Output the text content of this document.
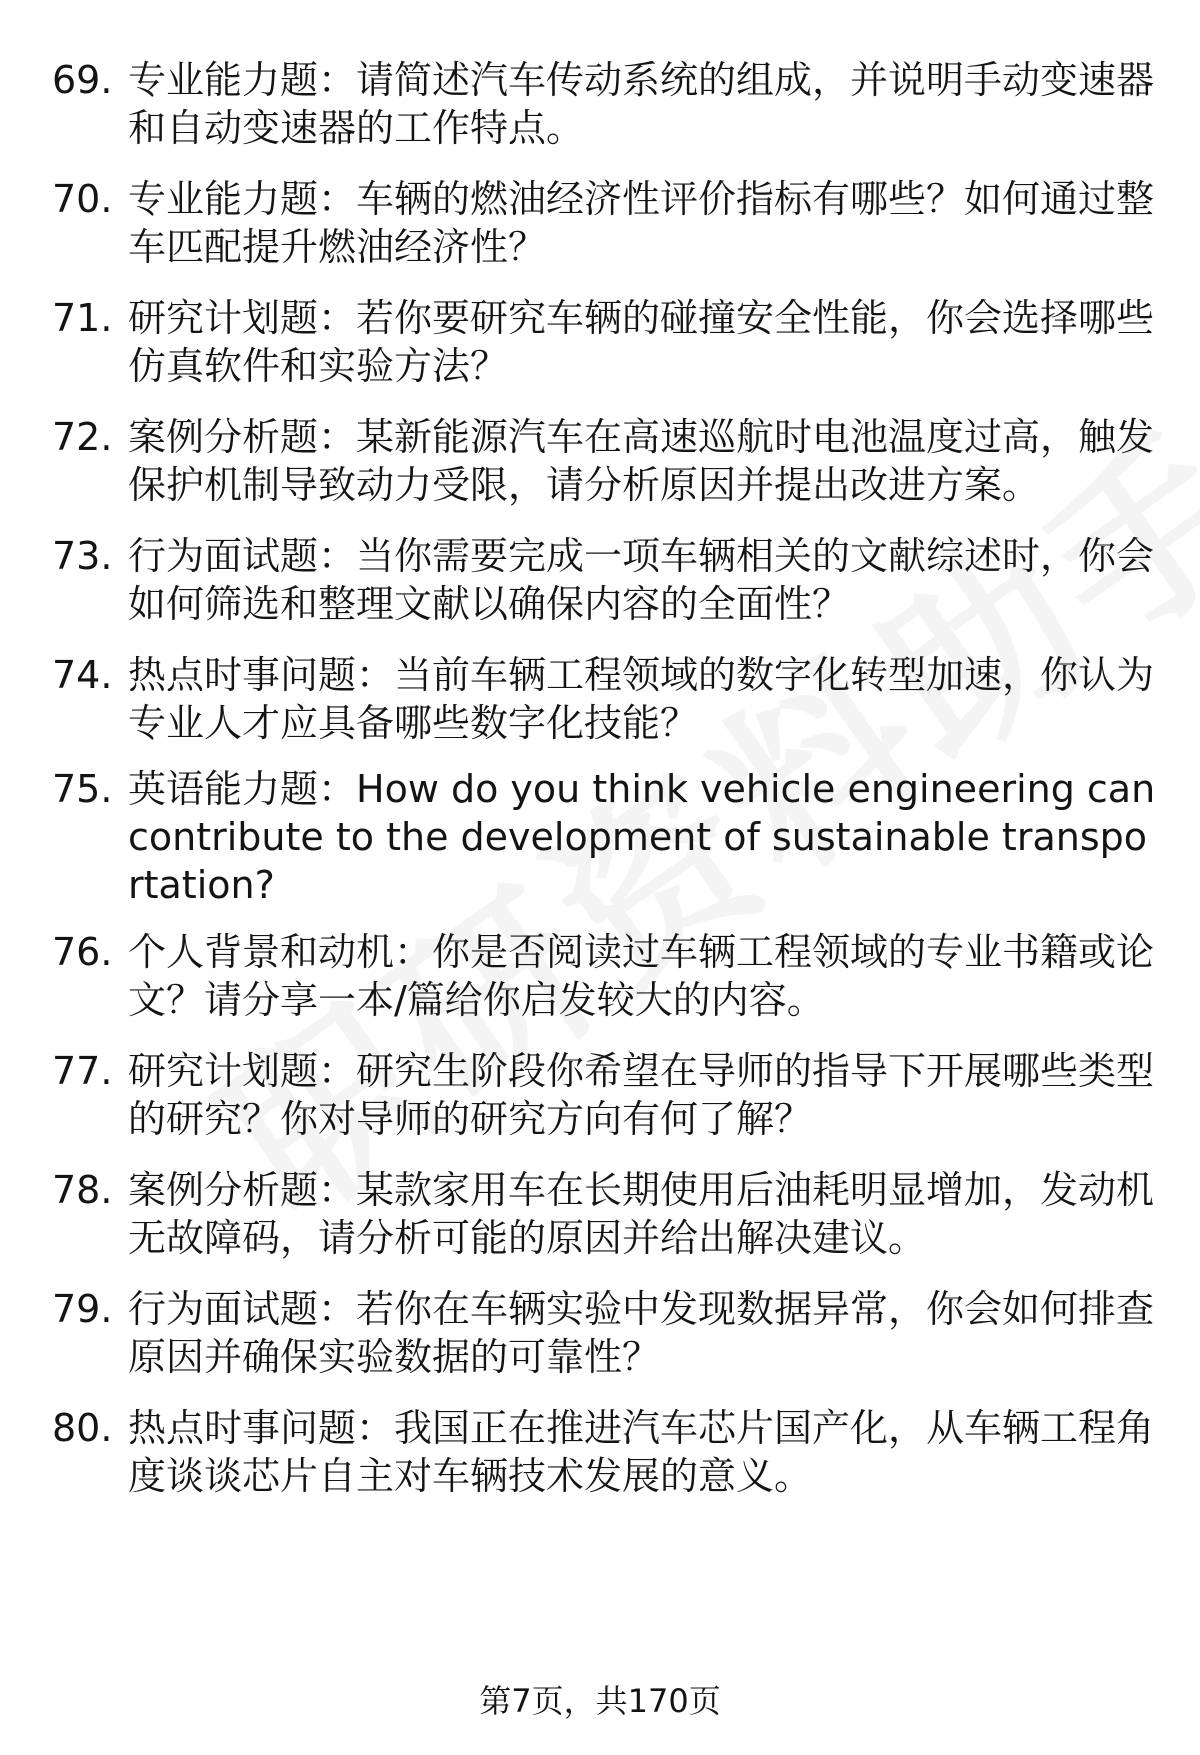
69. 专业能力题：请简述汽车传动系统的组成，并说明手动变速器和自动变速器的工作特点。
70. 专业能力题：车辆的燃油经济性评价指标有哪些？如何通过整车匹配提升燃油经济性？
71. 研究计划题：若你要研究车辆的碰撞安全性能，你会选择哪些仿真软件和实验方法？
72. 案例分析题：某新能源汽车在高速巡航时电池温度过高，触发保护机制导致动力受限，请分析原因并提出改进方案。
73. 行为面试题：当你需要完成一项车辆相关的文献综述时，你会如何筛选和整理文献以确保内容的全面性？
74. 热点时事问题：当前车辆工程领域的数字化转型加速，你认为专业人才应具备哪些数字化技能？
75. 英语能力题：How do you think vehicle engineering can contribute to the development of sustainable transportation?
76. 个人背景和动机：你是否阅读过车辆工程领域的专业书籍或论文？请分享一本/篇给你启发较大的内容。
77. 研究计划题：研究生阶段你希望在导师的指导下开展哪些类型的研究？你对导师的研究方向有何了解？
78. 案例分析题：某款家用车在长期使用后油耗明显增加，发动机无故障码，请分析可能的原因并给出解决建议。
79. 行为面试题：若你在车辆实验中发现数据异常，你会如何排查原因并确保实验数据的可靠性？
80. 热点时事问题：我国正在推进汽车芯片国产化，从车辆工程角度谈谈芯片自主对车辆技术发展的意义。
第7页，共170页
